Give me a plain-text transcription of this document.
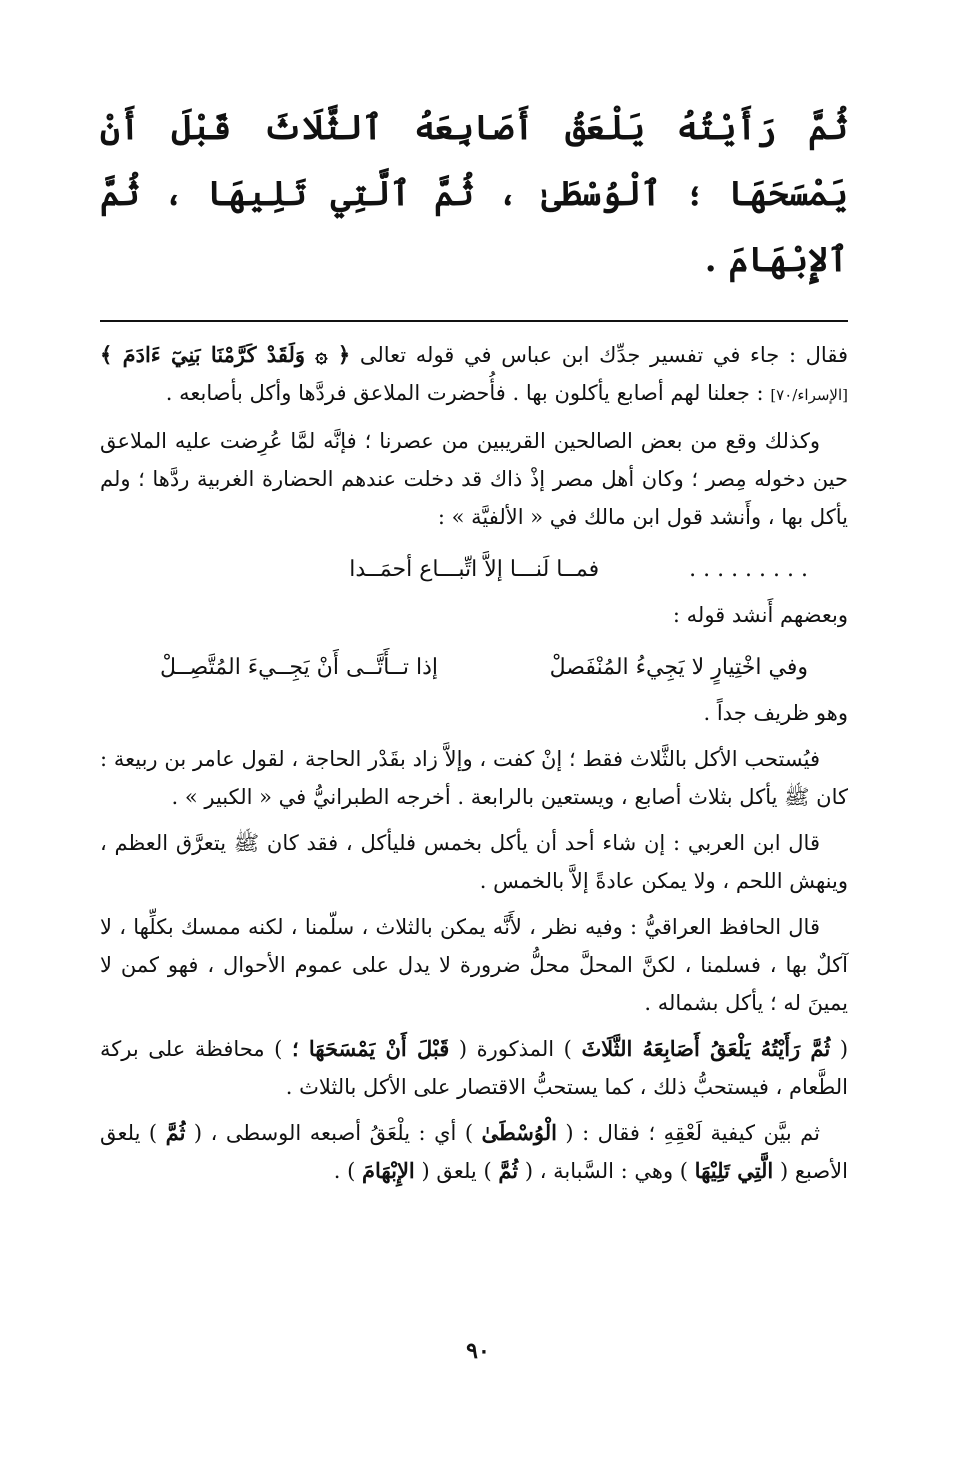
ثُمَّ رَأَيْتُهُ يَلْعَقُ أَصَابِعَهُ ٱلثَّلَاثَ قَبْلَ أَنْ يَمْسَحَهَا ؛ ٱلْوُسْطَىٰ ، ثُمَّ ٱلَّتِي تَلِيهَا ، ثُمَّ ٱلإِبْهَامَ .

فقال : جاء في تفسير جدِّك ابن عباس في قوله تعالى ﴿ ۞ وَلَقَدْ كَرَّمْنَا بَنِيٓ ءَادَمَ ﴾ [الإسراء/٧٠] : جعلنا لهم أصابع يأكلون بها . فأُحضرت الملاعق فردَّها وأكل بأصابعه .

وكذلك وقع من بعض الصالحين القريبين من عصرنا ؛ فإنَّه لمَّا عُرِضت عليه الملاعق حين دخوله مِصر ؛ وكان أهل مصر إذْ ذاك قد دخلت عندهم الحضارة الغربية ردَّها ؛ ولم يأكل بها ، وأَنشد قول ابن مالك في « الألفيَّة » :

. . . . . . . . .
فمــا لَنـــا إلاَّ اتِّبـــاع أحمَــدا

وبعضهم أَنشد قوله :

وفي اخْتِيارٍ لا يَجِيءُ المُنْفَصلْ
إذا تــأَتَّــى أَنْ يَجِــيءَ المُتَّصِــلْ

وهو ظريف جداً .

فيُستحب الأكل بالثَّلاث فقط ؛ إنْ كفت ، وإلاَّ زاد بقَدْر الحاجة ، لقول عامر بن ربيعة : كان ﷺ يأكل بثلاث أصابع ، ويستعين بالرابعة . أخرجه الطبرانيُّ في « الكبير » .

قال ابن العربي : إن شاء أحد أن يأكل بخمس فليأكل ، فقد كان ﷺ يتعرَّق العظم ، وينهش اللحم ، ولا يمكن عادةً إلاَّ بالخمس .

قال الحافظ العراقيُّ : وفيه نظر ، لأَنَّه يمكن بالثلاث ، سلّمنا ، لكنه ممسك بكلِّها ، لا آكلٌ بها ، فسلمنا ، لكنَّ المحلَّ محلُّ ضرورة لا يدل على عموم الأحوال ، فهو كمن لا يمينَ له ؛ يأكل بشماله .

( ثُمَّ رَأَيْتُهُ يَلْعَقُ أَصَابِعَهُ الثَّلَاثَ ) المذكورة ( قَبْلَ أَنْ يَمْسَحَهَا ؛ ) محافظة على بركة الطَّعام ، فيستحبُّ ذلك ، كما يستحبُّ الاقتصار على الأكل بالثلاث .

ثم بيَّن كيفية لَعْقِهِ ؛ فقال : ( الْوُسْطَىٰ ) أي : يلْعَقُ أصبعه الوسطى ، ( ثُمَّ ) يلعق الأصبع ( الَّتِي تَلِيْهَا ) وهي : السَّبابة ، ( ثُمَّ ) يلعق ( الإِبْهَامَ ) .

٩٠
